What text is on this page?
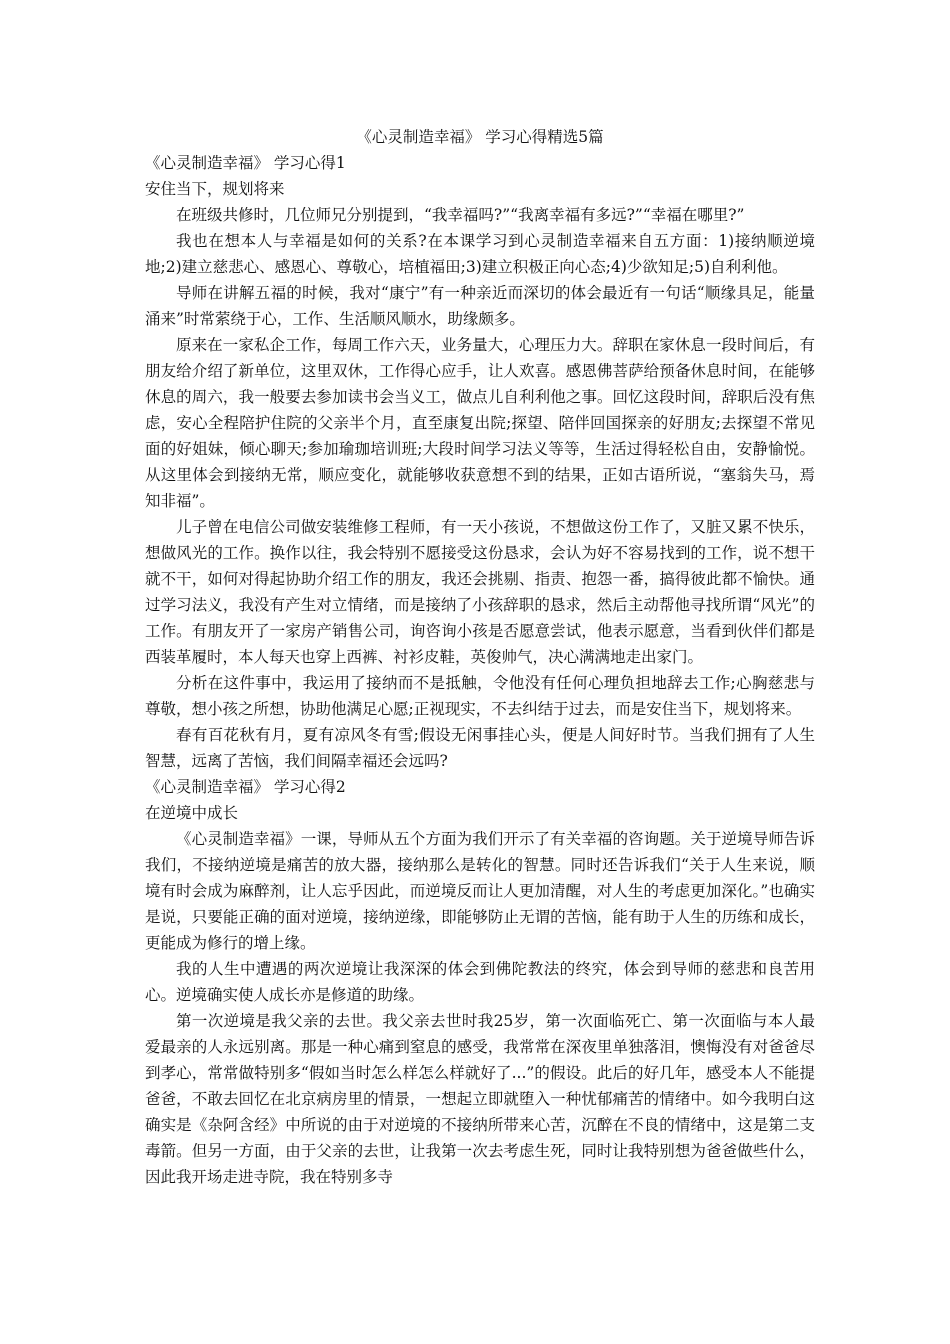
《心灵制造幸福》 学习心得精选5篇

《心灵制造幸福》 学习心得1

安住当下，规划将来

在班级共修时，几位师兄分别提到，“我幸福吗?”“我离幸福有多远?”“幸福在哪里?”

我也在想本人与幸福是如何的关系?在本课学习到心灵制造幸福来自五方面：1)接纳顺逆境地;2)建立慈悲心、感恩心、尊敬心，培植福田;3)建立积极正向心态;4)少欲知足;5)自利利他。

导师在讲解五福的时候，我对“康宁”有一种亲近而深切的体会最近有一句话“顺缘具足，能量涌来”时常萦绕于心，工作、生活顺风顺水，助缘颇多。

原来在一家私企工作，每周工作六天，业务量大，心理压力大。辞职在家休息一段时间后，有朋友给介绍了新单位，这里双休，工作得心应手，让人欢喜。感恩佛菩萨给预备休息时间，在能够休息的周六，我一般要去参加读书会当义工，做点儿自利利他之事。回忆这段时间，辞职后没有焦虑，安心全程陪护住院的父亲半个月，直至康复出院;探望、陪伴回国探亲的好朋友;去探望不常见面的好姐妹，倾心聊天;参加瑜珈培训班;大段时间学习法义等等，生活过得轻松自由，安静愉悦。从这里体会到接纳无常，顺应变化，就能够收获意想不到的结果，正如古语所说，“塞翁失马，焉知非福”。

儿子曾在电信公司做安装维修工程师，有一天小孩说，不想做这份工作了，又脏又累不快乐，想做风光的工作。换作以往，我会特别不愿接受这份恳求，会认为好不容易找到的工作，说不想干就不干，如何对得起协助介绍工作的朋友，我还会挑剔、指责、抱怨一番，搞得彼此都不愉快。通过学习法义，我没有产生对立情绪，而是接纳了小孩辞职的恳求，然后主动帮他寻找所谓“风光”的工作。有朋友开了一家房产销售公司，询咨询小孩是否愿意尝试，他表示愿意，当看到伙伴们都是西装革履时，本人每天也穿上西裤、衬衫皮鞋，英俊帅气，决心满满地走出家门。

分析在这件事中，我运用了接纳而不是抵触，令他没有任何心理负担地辞去工作;心胸慈悲与尊敬，想小孩之所想，协助他满足心愿;正视现实，不去纠结于过去，而是安住当下，规划将来。

春有百花秋有月，夏有凉风冬有雪;假设无闲事挂心头，便是人间好时节。当我们拥有了人生智慧，远离了苦恼，我们间隔幸福还会远吗?

《心灵制造幸福》 学习心得2

在逆境中成长

《心灵制造幸福》一课，导师从五个方面为我们开示了有关幸福的咨询题。关于逆境导师告诉我们，不接纳逆境是痛苦的放大器，接纳那么是转化的智慧。同时还告诉我们“关于人生来说，顺境有时会成为麻醉剂，让人忘乎因此，而逆境反而让人更加清醒，对人生的考虑更加深化。”也确实是说，只要能正确的面对逆境，接纳逆缘，即能够防止无谓的苦恼，能有助于人生的历练和成长，更能成为修行的增上缘。

我的人生中遭遇的两次逆境让我深深的体会到佛陀教法的终究，体会到导师的慈悲和良苦用心。逆境确实使人成长亦是修道的助缘。

第一次逆境是我父亲的去世。我父亲去世时我25岁，第一次面临死亡、第一次面临与本人最爱最亲的人永远别离。那是一种心痛到窒息的感受，我常常在深夜里单独落泪，懊悔没有对爸爸尽到孝心，常常做特别多“假如当时怎么样怎么样就好了...”的假设。此后的好几年，感受本人不能提爸爸，不敢去回忆在北京病房里的情景，一想起立即就堕入一种忧郁痛苦的情绪中。如今我明白这确实是《杂阿含经》中所说的由于对逆境的不接纳所带来心苦，沉醉在不良的情绪中，这是第二支毒箭。但另一方面，由于父亲的去世，让我第一次去考虑生死，同时让我特别想为爸爸做些什么，因此我开场走进寺院，我在特别多寺
